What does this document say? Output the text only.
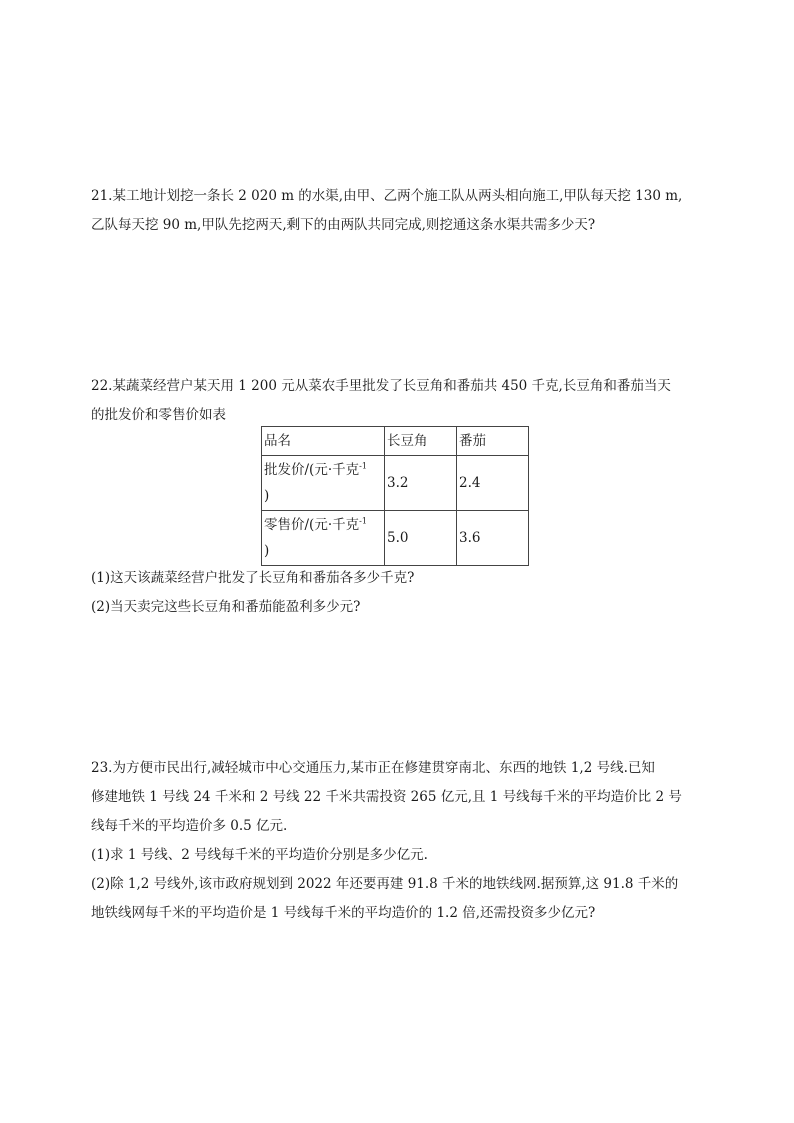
21.某工地计划挖一条长 2 020 m 的水渠,由甲、乙两个施工队从两头相向施工,甲队每天挖 130 m,
乙队每天挖 90 m,甲队先挖两天,剩下的由两队共同完成,则挖通这条水渠共需多少天?
22.某蔬菜经营户某天用 1 200 元从菜农手里批发了长豆角和番茄共 450 千克,长豆角和番茄当天
的批发价和零售价如表
品名	长豆角	番茄

批发价/(元·千克$^{-1}$
)	3.2	2.4

零售价/(元·千克$^{-1}$
)	5.0	3.6
(1)这天该蔬菜经营户批发了长豆角和番茄各多少千克?
(2)当天卖完这些长豆角和番茄能盈利多少元?
23.为方便市民出行,减轻城市中心交通压力,某市正在修建贯穿南北、东西的地铁 1,2 号线.已知
修建地铁 1 号线 24 千米和 2 号线 22 千米共需投资 265 亿元,且 1 号线每千米的平均造价比 2 号
线每千米的平均造价多 0.5 亿元.
(1)求 1 号线、2 号线每千米的平均造价分别是多少亿元.
(2)除 1,2 号线外,该市政府规划到 2022 年还要再建 91.8 千米的地铁线网.据预算,这 91.8 千米的
地铁线网每千米的平均造价是 1 号线每千米的平均造价的 1.2 倍,还需投资多少亿元?
